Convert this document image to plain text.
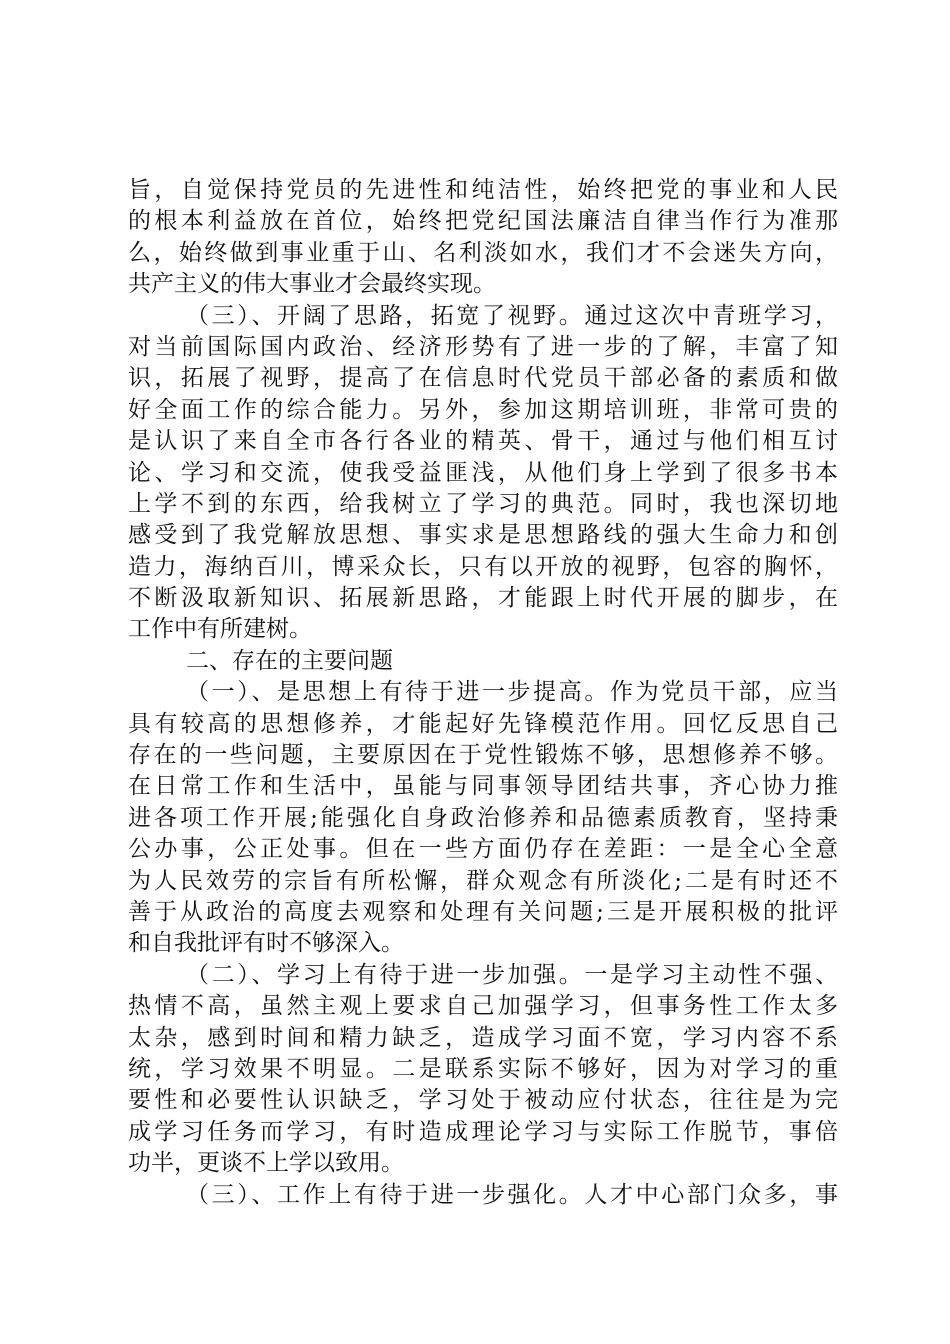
旨，自觉保持党员的先进性和纯洁性，始终把党的事业和人民
的根本利益放在首位，始终把党纪国法廉洁自律当作行为准那
么，始终做到事业重于山、名利淡如水，我们才不会迷失方向，
共产主义的伟大事业才会最终实现。
（三）、开阔了思路，拓宽了视野。通过这次中青班学习，
对当前国际国内政治、经济形势有了进一步的了解，丰富了知
识，拓展了视野，提高了在信息时代党员干部必备的素质和做
好全面工作的综合能力。另外，参加这期培训班，非常可贵的
是认识了来自全市各行各业的精英、骨干，通过与他们相互讨
论、学习和交流，使我受益匪浅，从他们身上学到了很多书本
上学不到的东西，给我树立了学习的典范。同时，我也深切地
感受到了我党解放思想、事实求是思想路线的强大生命力和创
造力，海纳百川，博采众长，只有以开放的视野，包容的胸怀，
不断汲取新知识、拓展新思路，才能跟上时代开展的脚步，在
工作中有所建树。
二、存在的主要问题
（一）、是思想上有待于进一步提高。作为党员干部，应当
具有较高的思想修养，才能起好先锋模范作用。回忆反思自己
存在的一些问题，主要原因在于党性锻炼不够，思想修养不够。
在日常工作和生活中，虽能与同事领导团结共事，齐心协力推
进各项工作开展;能强化自身政治修养和品德素质教育，坚持秉
公办事，公正处事。但在一些方面仍存在差距：一是全心全意
为人民效劳的宗旨有所松懈，群众观念有所淡化;二是有时还不
善于从政治的高度去观察和处理有关问题;三是开展积极的批评
和自我批评有时不够深入。
（二）、学习上有待于进一步加强。一是学习主动性不强、
热情不高，虽然主观上要求自己加强学习，但事务性工作太多
太杂，感到时间和精力缺乏，造成学习面不宽，学习内容不系
统，学习效果不明显。二是联系实际不够好，因为对学习的重
要性和必要性认识缺乏，学习处于被动应付状态，往往是为完
成学习任务而学习，有时造成理论学习与实际工作脱节，事倍
功半，更谈不上学以致用。
（三）、工作上有待于进一步强化。人才中心部门众多，事
